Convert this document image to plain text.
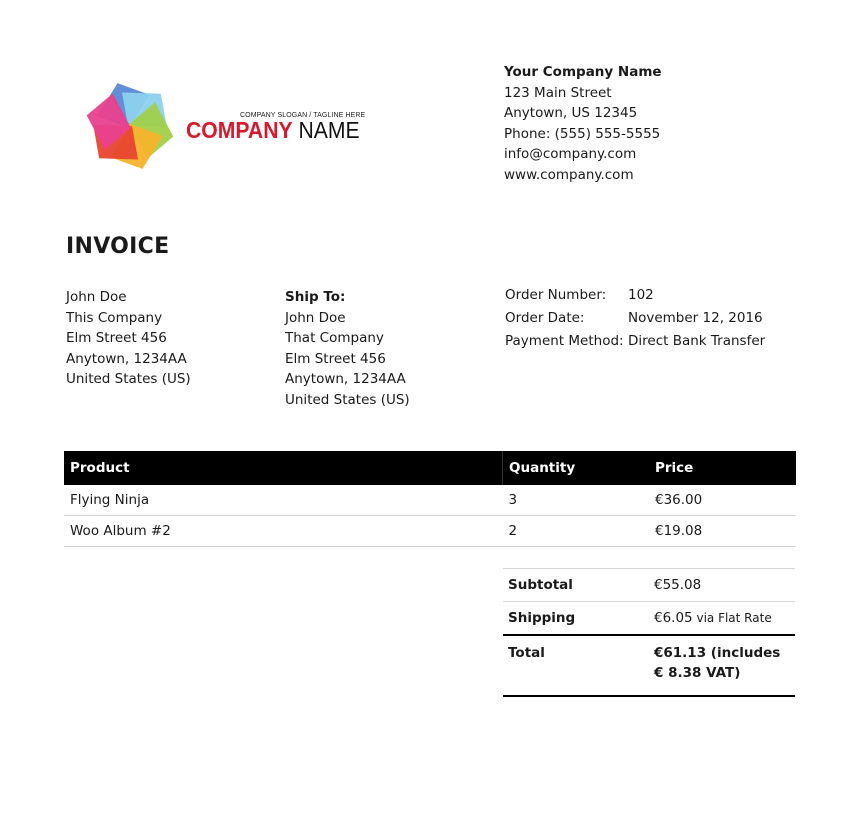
COMPANY SLOGAN / TAGLINE HERE
COMPANY NAME
Your Company Name
123 Main Street
Anytown, US 12345
Phone: (555) 555-5555
info@company.com
www.company.com
INVOICE
John Doe
This Company
Elm Street 456
Anytown, 1234AA
United States (US)
Ship To:
John Doe
That Company
Elm Street 456
Anytown, 1234AA
United States (US)
Order Number:	102
Order Date:	November 12, 2016
Payment Method:	Direct Bank Transfer
Product	Quantity	Price
Flying Ninja	3	€36.00
Woo Album #2	2	€19.08
Subtotal	€55.08
Shipping	€6.05 via Flat Rate
Total	€61.13 (includes € 8.38 VAT)
